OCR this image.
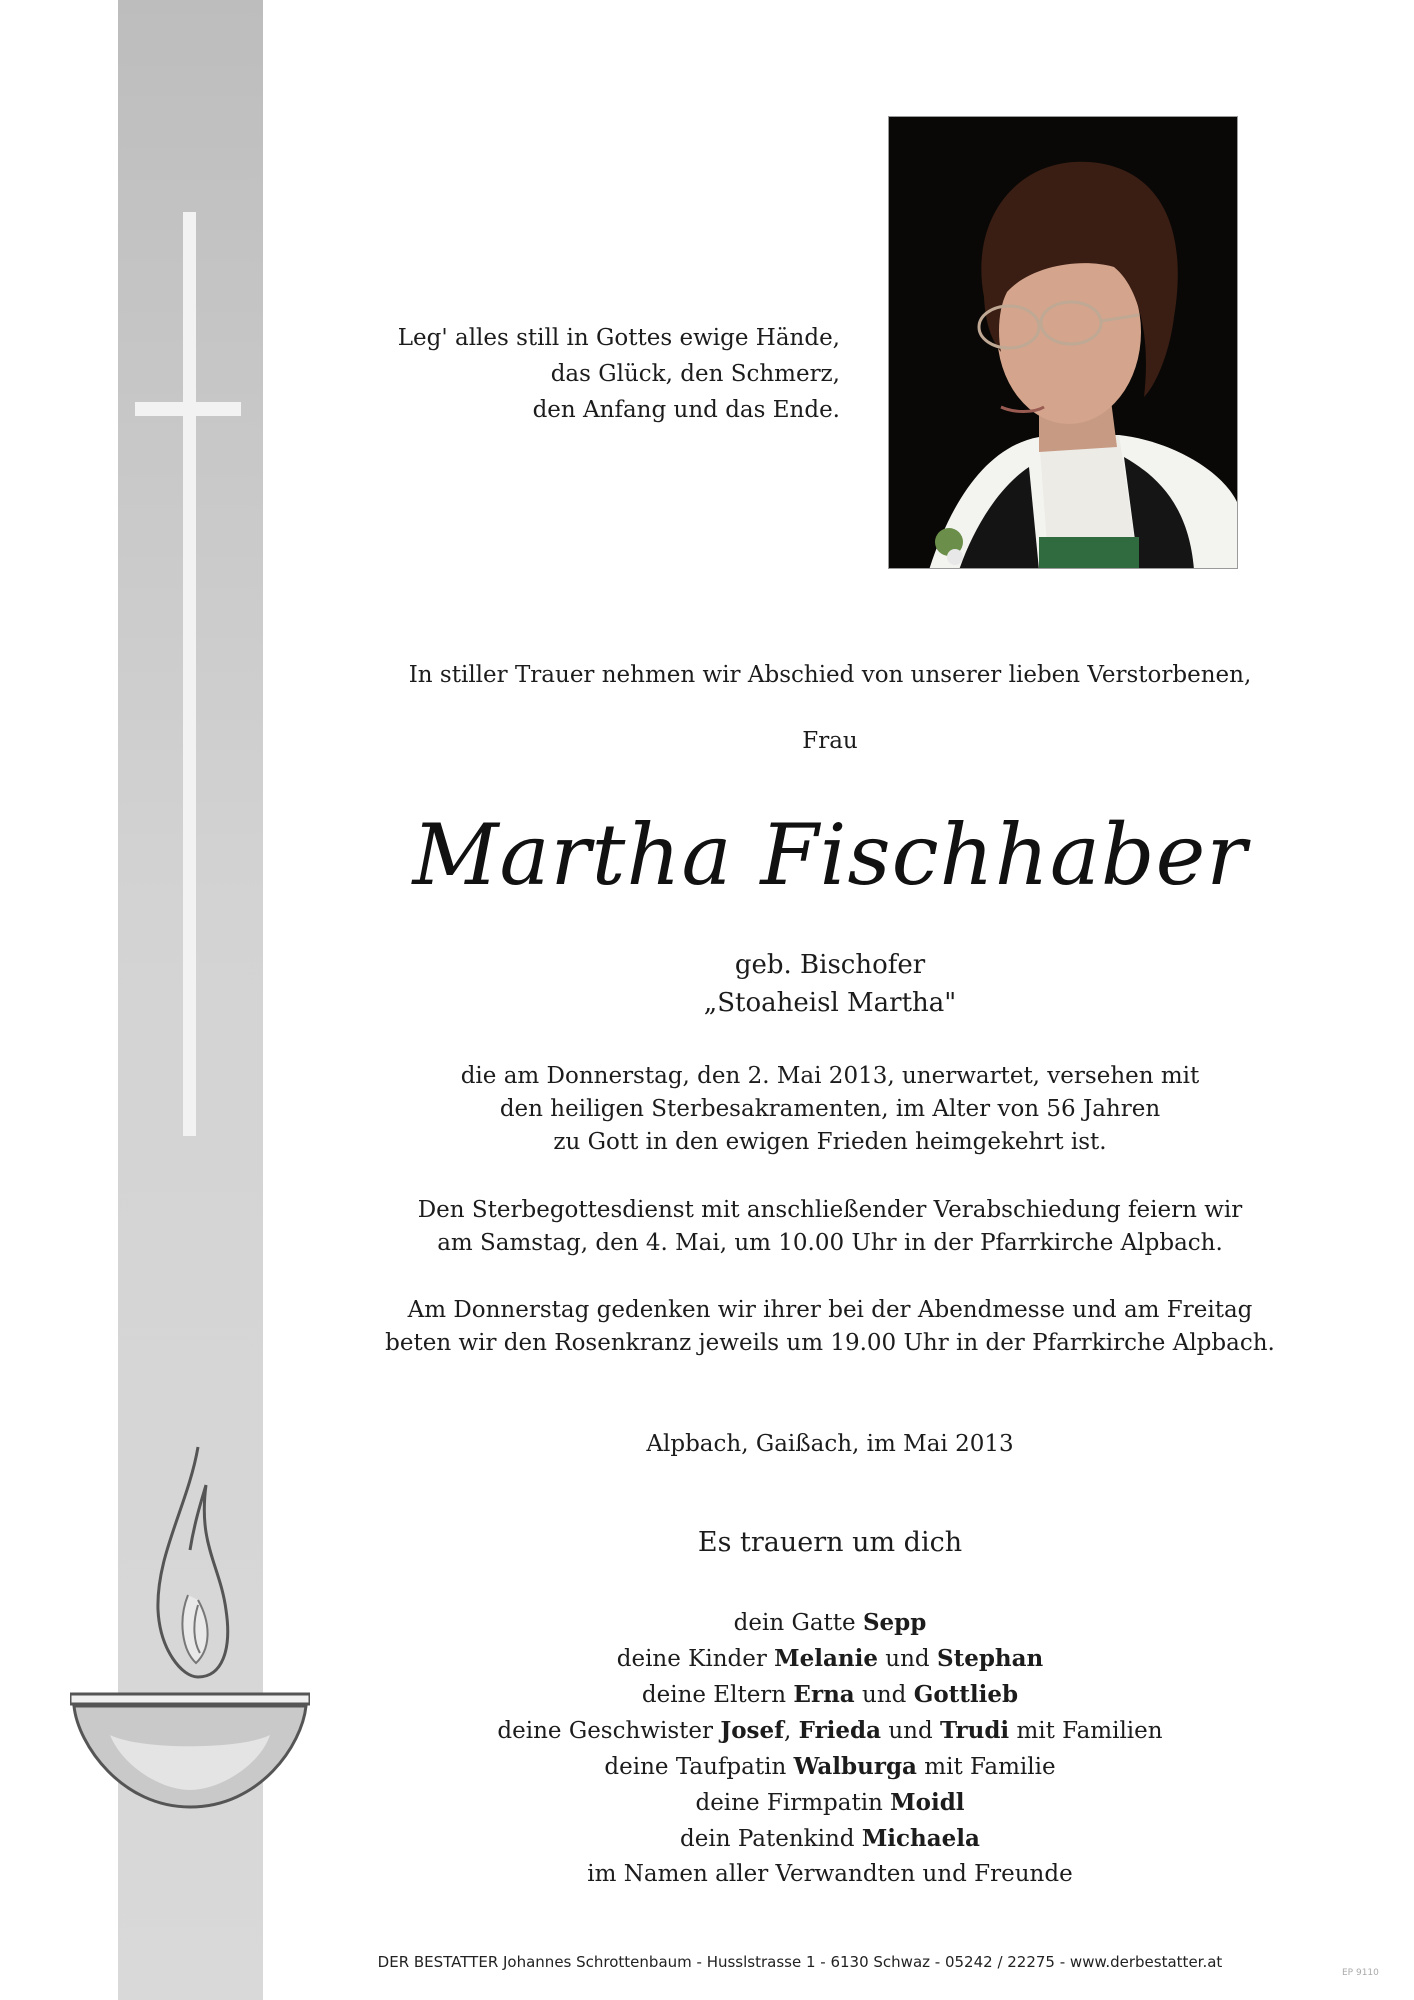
Leg' alles still in Gottes ewige Hände,
das Glück, den Schmerz,
den Anfang und das Ende.
In stiller Trauer nehmen wir Abschied von unserer lieben Verstorbenen,
Frau
Martha Fischhaber
geb. Bischofer
„Stoaheisl Martha"
die am Donnerstag, den 2. Mai 2013, unerwartet, versehen mit
den heiligen Sterbesakramenten, im Alter von 56 Jahren
zu Gott in den ewigen Frieden heimgekehrt ist.
Den Sterbegottesdienst mit anschließender Verabschiedung feiern wir
am Samstag, den 4. Mai, um 10.00 Uhr in der Pfarrkirche Alpbach.
Am Donnerstag gedenken wir ihrer bei der Abendmesse und am Freitag
beten wir den Rosenkranz jeweils um 19.00 Uhr in der Pfarrkirche Alpbach.
Alpbach, Gaißach, im Mai 2013
Es trauern um dich
dein Gatte Sepp
deine Kinder Melanie und Stephan
deine Eltern Erna und Gottlieb
deine Geschwister Josef, Frieda und Trudi mit Familien
deine Taufpatin Walburga mit Familie
deine Firmpatin Moidl
dein Patenkind Michaela
im Namen aller Verwandten und Freunde
DER BESTATTER Johannes Schrottenbaum - Husslstrasse 1 - 6130 Schwaz - 05242 / 22275 - www.derbestatter.at
EP 9110
